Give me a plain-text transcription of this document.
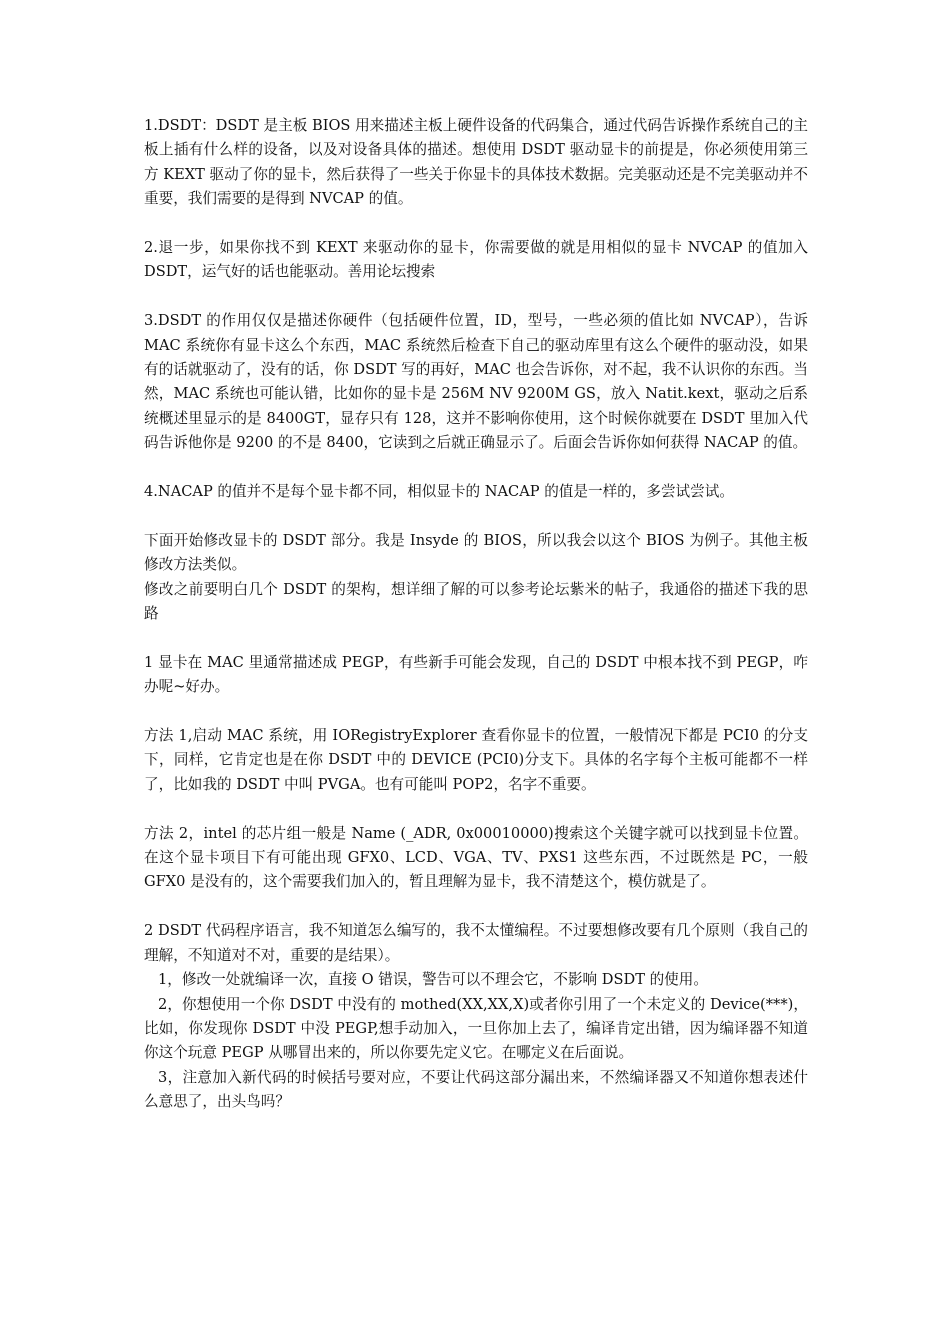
1.DSDT：DSDT 是主板 BIOS 用来描述主板上硬件设备的代码集合，通过代码告诉操作系统自己的主板上插有什么样的设备，以及对设备具体的描述。想使用 DSDT 驱动显卡的前提是，你必须使用第三方 KEXT 驱动了你的显卡，然后获得了一些关于你显卡的具体技术数据。完美驱动还是不完美驱动并不重要，我们需要的是得到 NVCAP 的值。

2.退一步，如果你找不到 KEXT 来驱动你的显卡，你需要做的就是用相似的显卡 NVCAP 的值加入 DSDT，运气好的话也能驱动。善用论坛搜索

3.DSDT 的作用仅仅是描述你硬件（包括硬件位置，ID，型号，一些必须的值比如 NVCAP），告诉 MAC 系统你有显卡这么个东西，MAC 系统然后检查下自己的驱动库里有这么个硬件的驱动没，如果有的话就驱动了，没有的话，你 DSDT 写的再好，MAC 也会告诉你，对不起，我不认识你的东西。当然，MAC 系统也可能认错，比如你的显卡是 256M NV 9200M GS，放入 Natit.kext，驱动之后系统概述里显示的是 8400GT，显存只有 128，这并不影响你使用，这个时候你就要在 DSDT 里加入代码告诉他你是 9200 的不是 8400，它读到之后就正确显示了。后面会告诉你如何获得 NACAP 的值。

4.NACAP 的值并不是每个显卡都不同，相似显卡的 NACAP 的值是一样的，多尝试尝试。

下面开始修改显卡的 DSDT 部分。我是 Insyde 的 BIOS，所以我会以这个 BIOS 为例子。其他主板修改方法类似。

修改之前要明白几个 DSDT 的架构，想详细了解的可以参考论坛紫米的帖子，我通俗的描述下我的思路

1 显卡在 MAC 里通常描述成 PEGP，有些新手可能会发现，自己的 DSDT 中根本找不到 PEGP，咋办呢~好办。

方法 1,启动 MAC 系统，用 IORegistryExplorer 查看你显卡的位置，一般情况下都是 PCI0 的分支下，同样，它肯定也是在你 DSDT 中的 DEVICE (PCI0)分支下。具体的名字每个主板可能都不一样了，比如我的 DSDT 中叫 PVGA。也有可能叫 POP2，名字不重要。

方法 2，intel 的芯片组一般是 Name (_ADR, 0x00010000)搜索这个关键字就可以找到显卡位置。在这个显卡项目下有可能出现 GFX0、LCD、VGA、TV、PXS1 这些东西，不过既然是 PC，一般 GFX0 是没有的，这个需要我们加入的，暂且理解为显卡，我不清楚这个，模仿就是了。

2 DSDT 代码程序语言，我不知道怎么编写的，我不太懂编程。不过要想修改要有几个原则（我自己的理解，不知道对不对，重要的是结果）。

1，修改一处就编译一次，直接 O 错误，警告可以不理会它，不影响 DSDT 的使用。

2，你想使用一个你 DSDT 中没有的 mothed(XX,XX,X)或者你引用了一个未定义的 Device(***)，比如，你发现你 DSDT 中没 PEGP,想手动加入，一旦你加上去了，编译肯定出错，因为编译器不知道你这个玩意 PEGP 从哪冒出来的，所以你要先定义它。在哪定义在后面说。

3，注意加入新代码的时候括号要对应，不要让代码这部分漏出来，不然编译器又不知道你想表述什么意思了，出头鸟吗？
